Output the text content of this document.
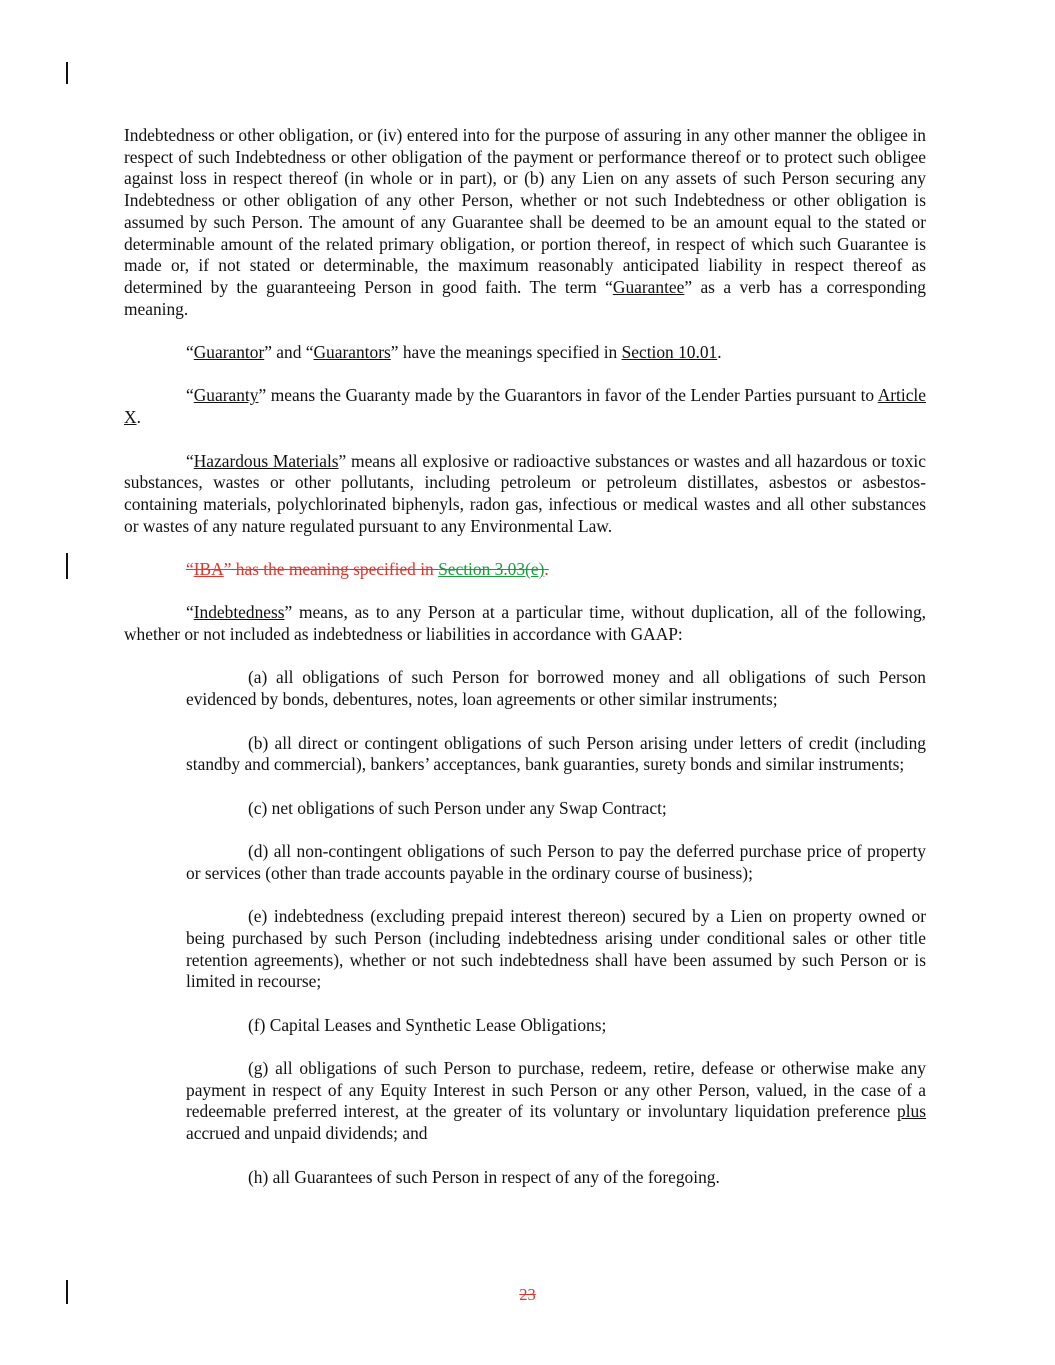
Indebtedness or other obligation, or (iv) entered into for the purpose of assuring in any other manner the obligee in respect of such Indebtedness or other obligation of the payment or performance thereof or to protect such obligee against loss in respect thereof (in whole or in part), or (b) any Lien on any assets of such Person securing any Indebtedness or other obligation of any other Person, whether or not such Indebtedness or other obligation is assumed by such Person. The amount of any Guarantee shall be deemed to be an amount equal to the stated or determinable amount of the related primary obligation, or portion thereof, in respect of which such Guarantee is made or, if not stated or determinable, the maximum reasonably anticipated liability in respect thereof as determined by the guaranteeing Person in good faith. The term “Guarantee” as a verb has a corresponding meaning.

“Guarantor” and “Guarantors” have the meanings specified in Section 10.01.

“Guaranty” means the Guaranty made by the Guarantors in favor of the Lender Parties pursuant to Article X.

“Hazardous Materials” means all explosive or radioactive substances or wastes and all hazardous or toxic substances, wastes or other pollutants, including petroleum or petroleum distillates, asbestos or asbestos-containing materials, polychlorinated biphenyls, radon gas, infectious or medical wastes and all other substances or wastes of any nature regulated pursuant to any Environmental Law.

“IBA” has the meaning specified in Section 3.03(e).

“Indebtedness” means, as to any Person at a particular time, without duplication, all of the following, whether or not included as indebtedness or liabilities in accordance with GAAP:

(a) all obligations of such Person for borrowed money and all obligations of such Person evidenced by bonds, debentures, notes, loan agreements or other similar instruments;

(b) all direct or contingent obligations of such Person arising under letters of credit (including standby and commercial), bankers’ acceptances, bank guaranties, surety bonds and similar instruments;

(c) net obligations of such Person under any Swap Contract;

(d) all non-contingent obligations of such Person to pay the deferred purchase price of property or services (other than trade accounts payable in the ordinary course of business);

(e) indebtedness (excluding prepaid interest thereon) secured by a Lien on property owned or being purchased by such Person (including indebtedness arising under conditional sales or other title retention agreements), whether or not such indebtedness shall have been assumed by such Person or is limited in recourse;

(f) Capital Leases and Synthetic Lease Obligations;

(g) all obligations of such Person to purchase, redeem, retire, defease or otherwise make any payment in respect of any Equity Interest in such Person or any other Person, valued, in the case of a redeemable preferred interest, at the greater of its voluntary or involuntary liquidation preference plus accrued and unpaid dividends; and

(h) all Guarantees of such Person in respect of any of the foregoing.

23
